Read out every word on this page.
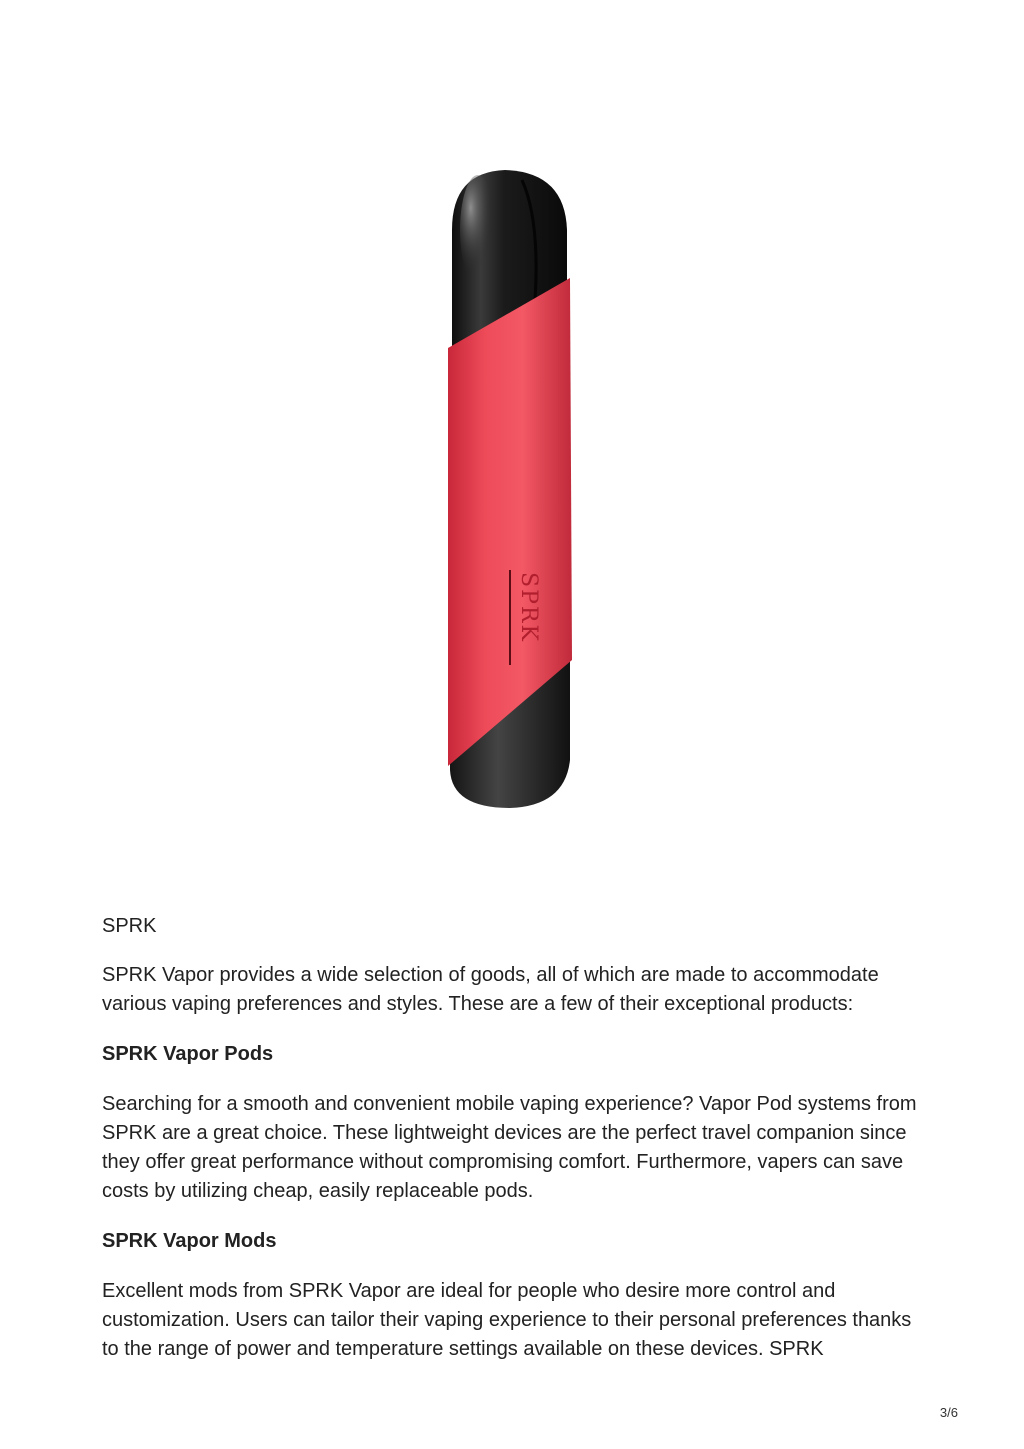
SPRK

SPRK

SPRK Vapor provides a wide selection of goods, all of which are made to accommodate various vaping preferences and styles. These are a few of their exceptional products:

SPRK Vapor Pods

Searching for a smooth and convenient mobile vaping experience? Vapor Pod systems from SPRK are a great choice. These lightweight devices are the perfect travel companion since they offer great performance without compromising comfort. Furthermore, vapers can save costs by utilizing cheap, easily replaceable pods.

SPRK Vapor Mods

Excellent mods from SPRK Vapor are ideal for people who desire more control and customization. Users can tailor their vaping experience to their personal preferences thanks to the range of power and temperature settings available on these devices. SPRK

3/6
